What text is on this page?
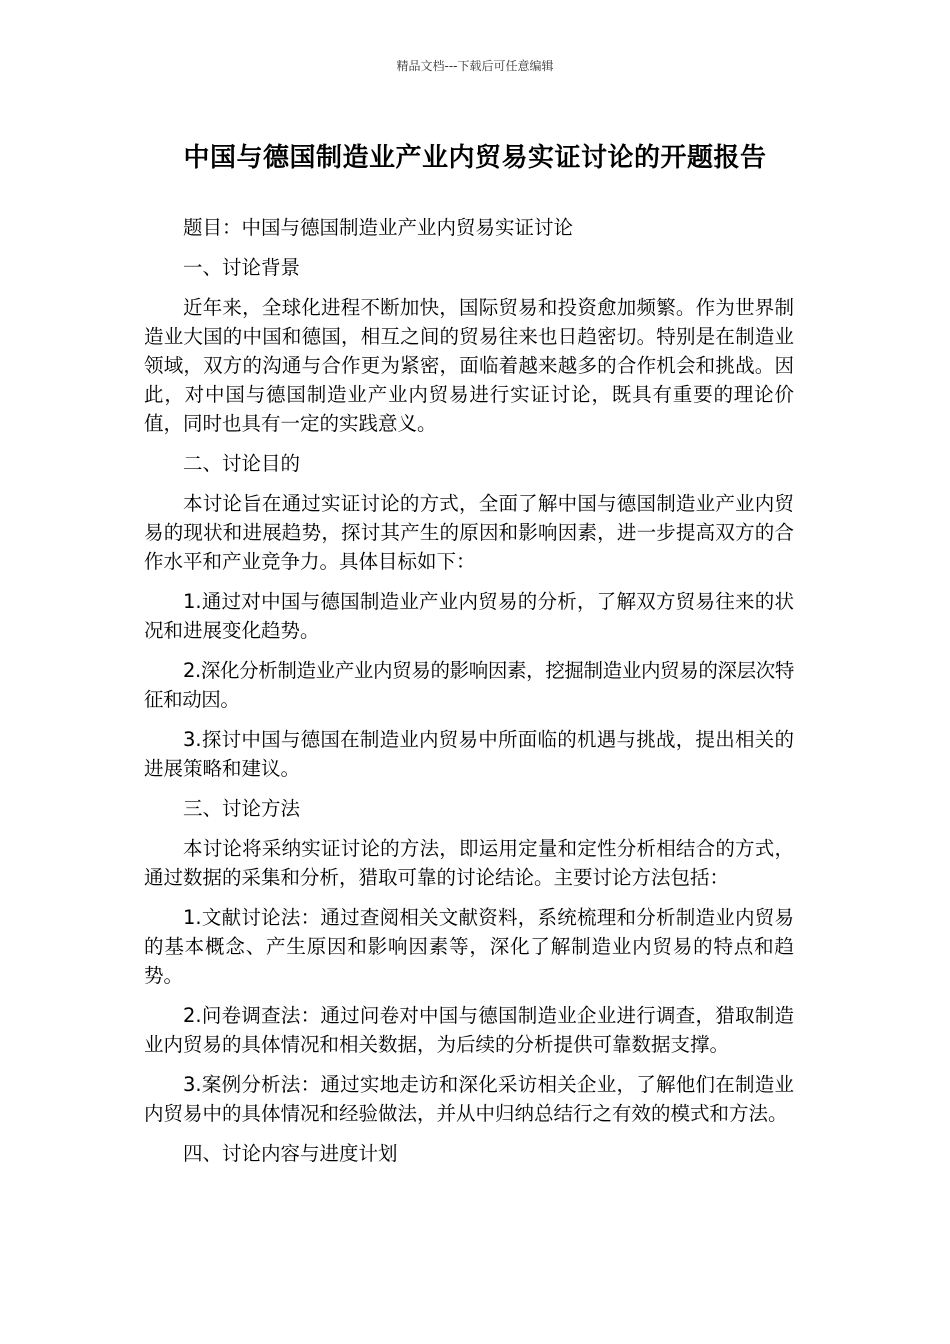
精品文档---下载后可任意编辑
中国与德国制造业产业内贸易实证讨论的开题报告

题目：中国与德国制造业产业内贸易实证讨论

一、讨论背景

近年来，全球化进程不断加快，国际贸易和投资愈加频繁。作为世界制造业大国的中国和德国，相互之间的贸易往来也日趋密切。特别是在制造业领域，双方的沟通与合作更为紧密，面临着越来越多的合作机会和挑战。因此，对中国与德国制造业产业内贸易进行实证讨论，既具有重要的理论价值，同时也具有一定的实践意义。

二、讨论目的

本讨论旨在通过实证讨论的方式，全面了解中国与德国制造业产业内贸易的现状和进展趋势，探讨其产生的原因和影响因素，进一步提高双方的合作水平和产业竞争力。具体目标如下：

1.通过对中国与德国制造业产业内贸易的分析，了解双方贸易往来的状况和进展变化趋势。

2.深化分析制造业产业内贸易的影响因素，挖掘制造业内贸易的深层次特征和动因。

3.探讨中国与德国在制造业内贸易中所面临的机遇与挑战，提出相关的进展策略和建议。

三、讨论方法

本讨论将采纳实证讨论的方法，即运用定量和定性分析相结合的方式，通过数据的采集和分析，猎取可靠的讨论结论。主要讨论方法包括：

1.文献讨论法：通过查阅相关文献资料，系统梳理和分析制造业内贸易的基本概念、产生原因和影响因素等，深化了解制造业内贸易的特点和趋势。

2.问卷调查法：通过问卷对中国与德国制造业企业进行调查，猎取制造业内贸易的具体情况和相关数据，为后续的分析提供可靠数据支撑。

3.案例分析法：通过实地走访和深化采访相关企业，了解他们在制造业内贸易中的具体情况和经验做法，并从中归纳总结行之有效的模式和方法。

四、讨论内容与进度计划
